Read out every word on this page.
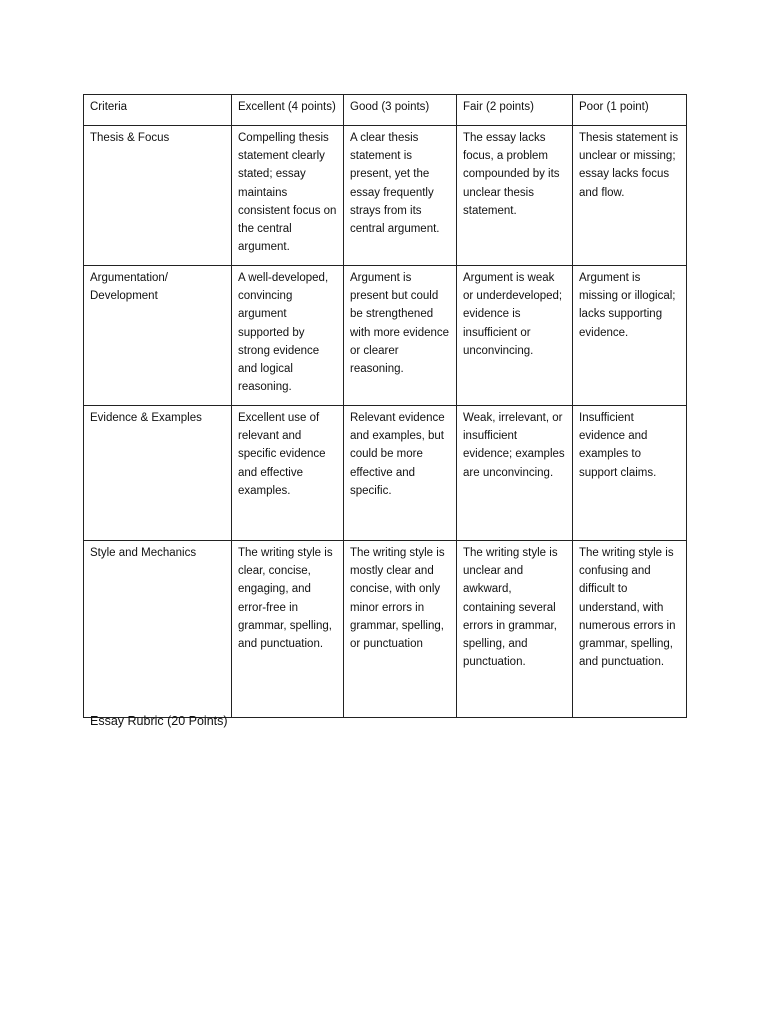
Criteria	Excellent (4 points)	Good (3 points)	Fair (2 points)	Poor (1 point)
Thesis & Focus	Compelling thesis statement clearly stated; essay maintains consistent focus on the central argument.	A clear thesis statement is present, yet the essay frequently strays from its central argument.	The essay lacks focus, a problem compounded by its unclear thesis statement.	Thesis statement is unclear or missing; essay lacks focus and flow.
Argumentation/ Development	A well-developed, convincing argument supported by strong evidence and logical reasoning.	Argument is present but could be strengthened with more evidence or clearer reasoning.	Argument is weak or underdeveloped; evidence is insufficient or unconvincing.	Argument is missing or illogical; lacks supporting evidence.
Evidence & Examples	Excellent use of relevant and specific evidence and effective examples.	Relevant evidence and examples, but could be more effective and specific.	Weak, irrelevant, or insufficient evidence; examples are unconvincing.	Insufficient evidence and examples to support claims.
Style and Mechanics	The writing style is clear, concise, engaging, and error-free in grammar, spelling, and punctuation.	The writing style is mostly clear and concise, with only minor errors in grammar, spelling, or punctuation	The writing style is unclear and awkward, containing several errors in grammar, spelling, and punctuation.	The writing style is confusing and difficult to understand, with numerous errors in grammar, spelling, and punctuation.
Essay Rubric (20 Points)
